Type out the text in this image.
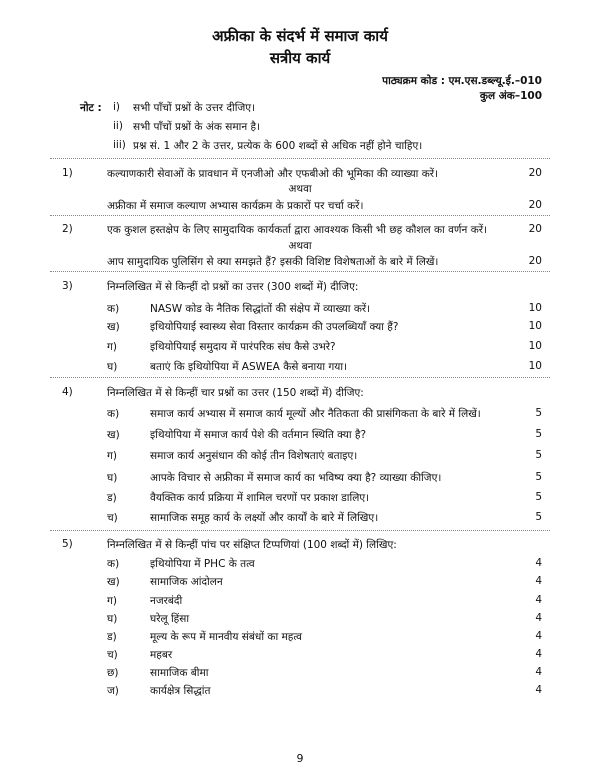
अफ्रीका के संदर्भ में समाज कार्य
सत्रीय कार्य
पाठ्यक्रम कोड : एम.एस.डब्ल्यू.ई.–010
कुल अंक–100
नोट : i) सभी पाँचों प्रश्नों के उत्तर दीजिए।
ii) सभी पाँचों प्रश्नों के अंक समान है।
iii) प्रश्न सं. 1 और 2 के उत्तर, प्रत्येक के 600 शब्दों से अधिक नहीं होने चाहिए।
1)	कल्याणकारी सेवाओं के प्रावधान में एनजीओ और एफबीओ की भूमिका की व्याख्या करें।	20
अथवा
अफ्रीका में समाज कल्याण अभ्यास कार्यक्रम के प्रकारों पर चर्चा करें।	20
2)	एक कुशल हस्तक्षेप के लिए सामुदायिक कार्यकर्ता द्वारा आवश्यक किसी भी छह कौशल का वर्णन करें।	20
अथवा
आप सामुदायिक पुलिसिंग से क्या समझते हैं? इसकी विशिष्ट विशेषताओं के बारे में लिखें।	20
3)	निम्नलिखित में से किन्हीं दो प्रश्नों का उत्तर (300 शब्दों में) दीजिए:
क)	NASW कोड के नैतिक सिद्धांतों की संक्षेप में व्याख्या करें।	10
ख)	इथियोपियाई स्वास्थ्य सेवा विस्तार कार्यक्रम की उपलब्धियाँ क्या हैं?	10
ग)	इथियोपियाई समुदाय में पारंपरिक संघ कैसे उभरे?	10
घ)	बताएं कि इथियोपिया में ASWEA कैसे बनाया गया।	10
4)	निम्नलिखित में से किन्हीं चार प्रश्नों का उत्तर (150 शब्दों में) दीजिए:
क)	समाज कार्य अभ्यास में समाज कार्य मूल्यों और नैतिकता की प्रासंगिकता के बारे में लिखें।	5
ख)	इथियोपिया में समाज कार्य पेशे की वर्तमान स्थिति क्या है?	5
ग)	समाज कार्य अनुसंधान की कोई तीन विशेषताएं बताइए।	5
घ)	आपके विचार से अफ्रीका में समाज कार्य का भविष्य क्या है? व्याख्या कीजिए।	5
ड)	वैयक्तिक कार्य प्रक्रिया में शामिल चरणों पर प्रकाश डालिए।	5
च)	सामाजिक समूह कार्य के लक्ष्यों और कार्यों के बारे में लिखिए।	5
5)	निम्नलिखित में से किन्हीं पांच पर संक्षिप्त टिप्पणियां (100 शब्दों में) लिखिए:
क)	इथियोपिया में PHC के तत्व	4
ख)	सामाजिक आंदोलन	4
ग)	नजरबंदी	4
घ)	घरेलू हिंसा	4
ड)	मूल्य के रूप में मानवीय संबंधों का महत्व	4
च)	महबर	4
छ)	सामाजिक बीमा	4
ज)	कार्यक्षेत्र सिद्धांत	4
9
